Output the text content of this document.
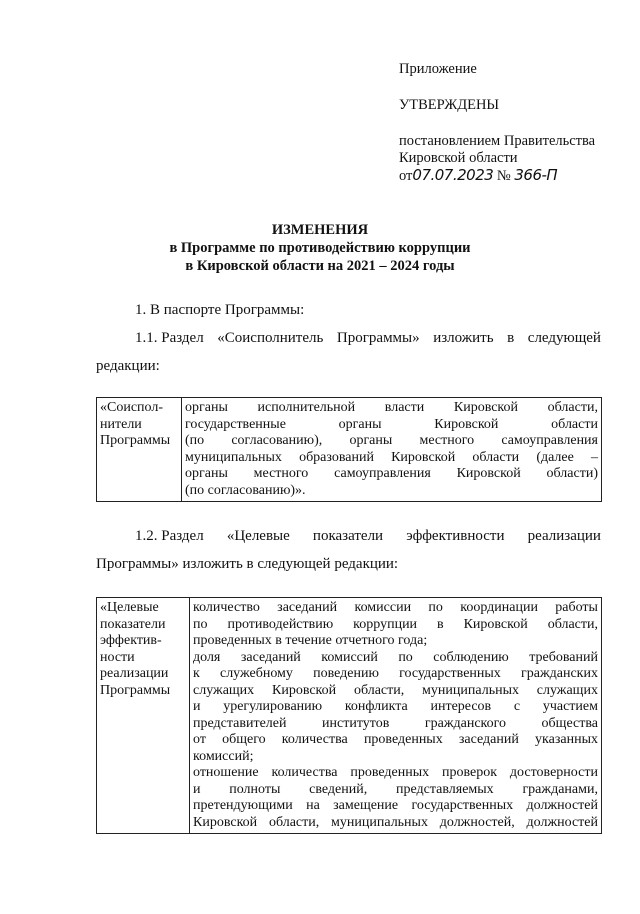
Приложение
УТВЕРЖДЕНЫ
постановлением Правительства
Кировской области
от07.07.2023 № 366-П
ИЗМЕНЕНИЯ
в Программе по противодействию коррупции
в Кировской области на 2021 – 2024 годы
1. В паспорте Программы:
1.1. Раздел «Соисполнитель Программы» изложить в следующей
редакции:
«Соиспол-
нители
Программы

органы исполнительной власти Кировской области,
государственные	органы	Кировской	области
(по согласованию), органы местного самоуправления
муниципальных образований Кировской области (далее –
органы местного самоуправления Кировской области)
(по согласованию)».
1.2. Раздел «Целевые показатели эффективности реализации
Программы» изложить в следующей редакции:
«Целевые
показатели
эффектив-
ности
реализации
Программы

количество заседаний комиссии по координации работы
по противодействию коррупции в Кировской области,
проведенных в течение отчетного года;
доля заседаний комиссий по соблюдению требований
к служебному поведению государственных гражданских
служащих Кировской области, муниципальных служащих
и урегулированию конфликта интересов с участием
представителей	институтов	гражданского	общества
от общего количества проведенных заседаний указанных
комиссий;
отношение количества проведенных проверок достоверности
и полноты сведений, представляемых гражданами,
претендующими на замещение государственных должностей
Кировской области, муниципальных должностей, должностей
